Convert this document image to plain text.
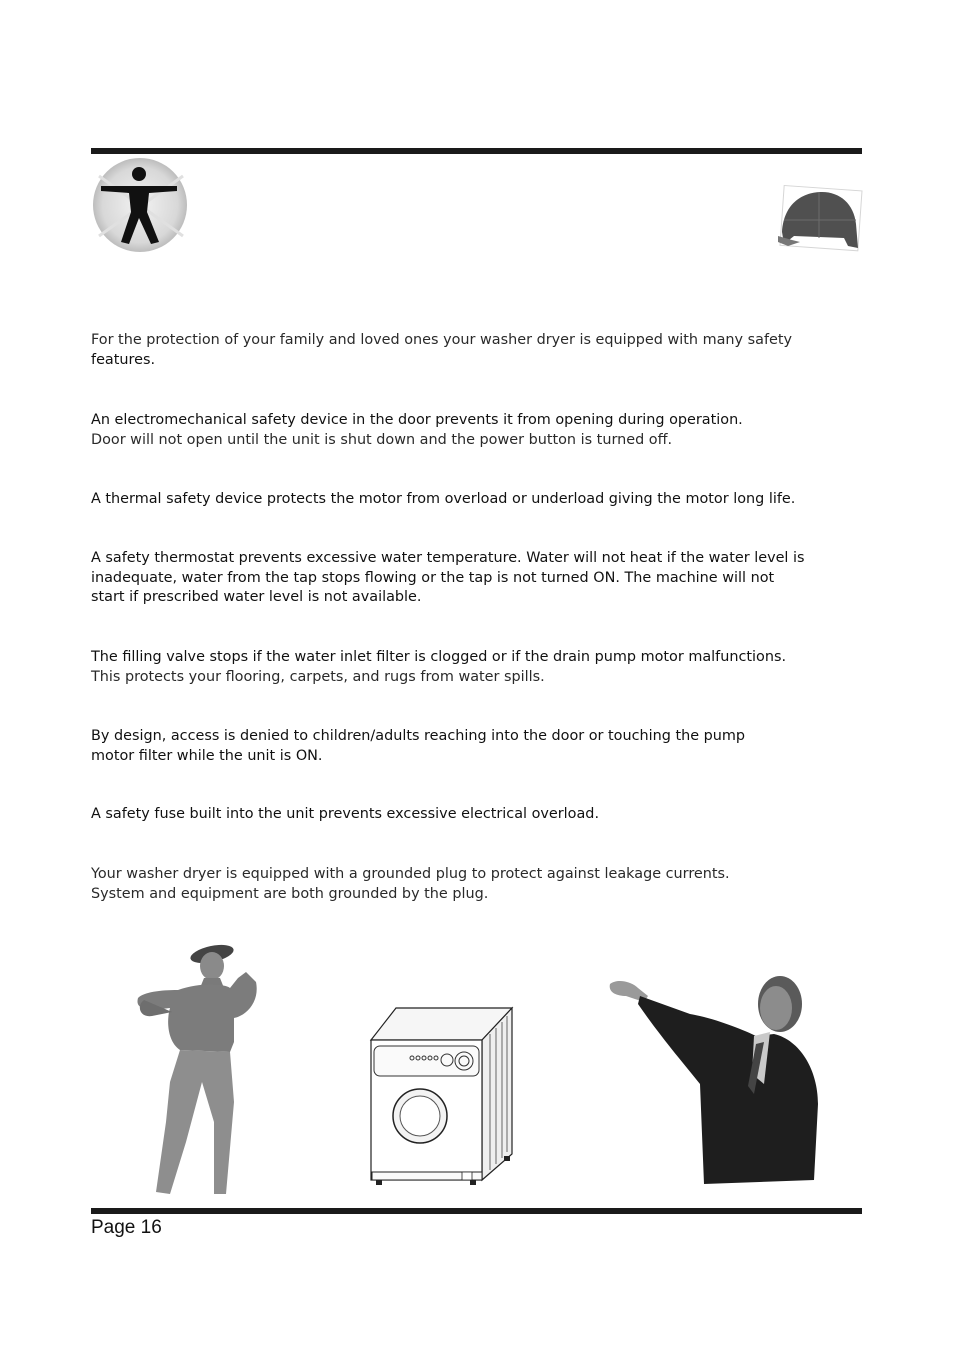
For the protection of your family and loved ones your washer dryer is equipped with many safety
features.

An electromechanical safety device in the door prevents it from opening during operation.
Door will not open until the unit is shut down and the power button is turned off.

A thermal safety device protects the motor from overload or underload giving the motor long life.

A safety thermostat prevents excessive water temperature. Water will not heat if the water level is
inadequate, water from the tap stops flowing or the tap is not turned ON. The machine will not
start if prescribed water level is not available.

The filling valve stops if the water inlet filter is clogged or if the drain pump motor malfunctions.
This protects your flooring, carpets, and rugs from water spills.

By design, access is denied to children/adults reaching into the door or touching the pump
motor filter while the unit is ON.

A safety fuse built into the unit prevents excessive electrical overload.

Your washer dryer is equipped with a grounded plug to protect against leakage currents.
System and equipment are both grounded by the plug.

Page 16
